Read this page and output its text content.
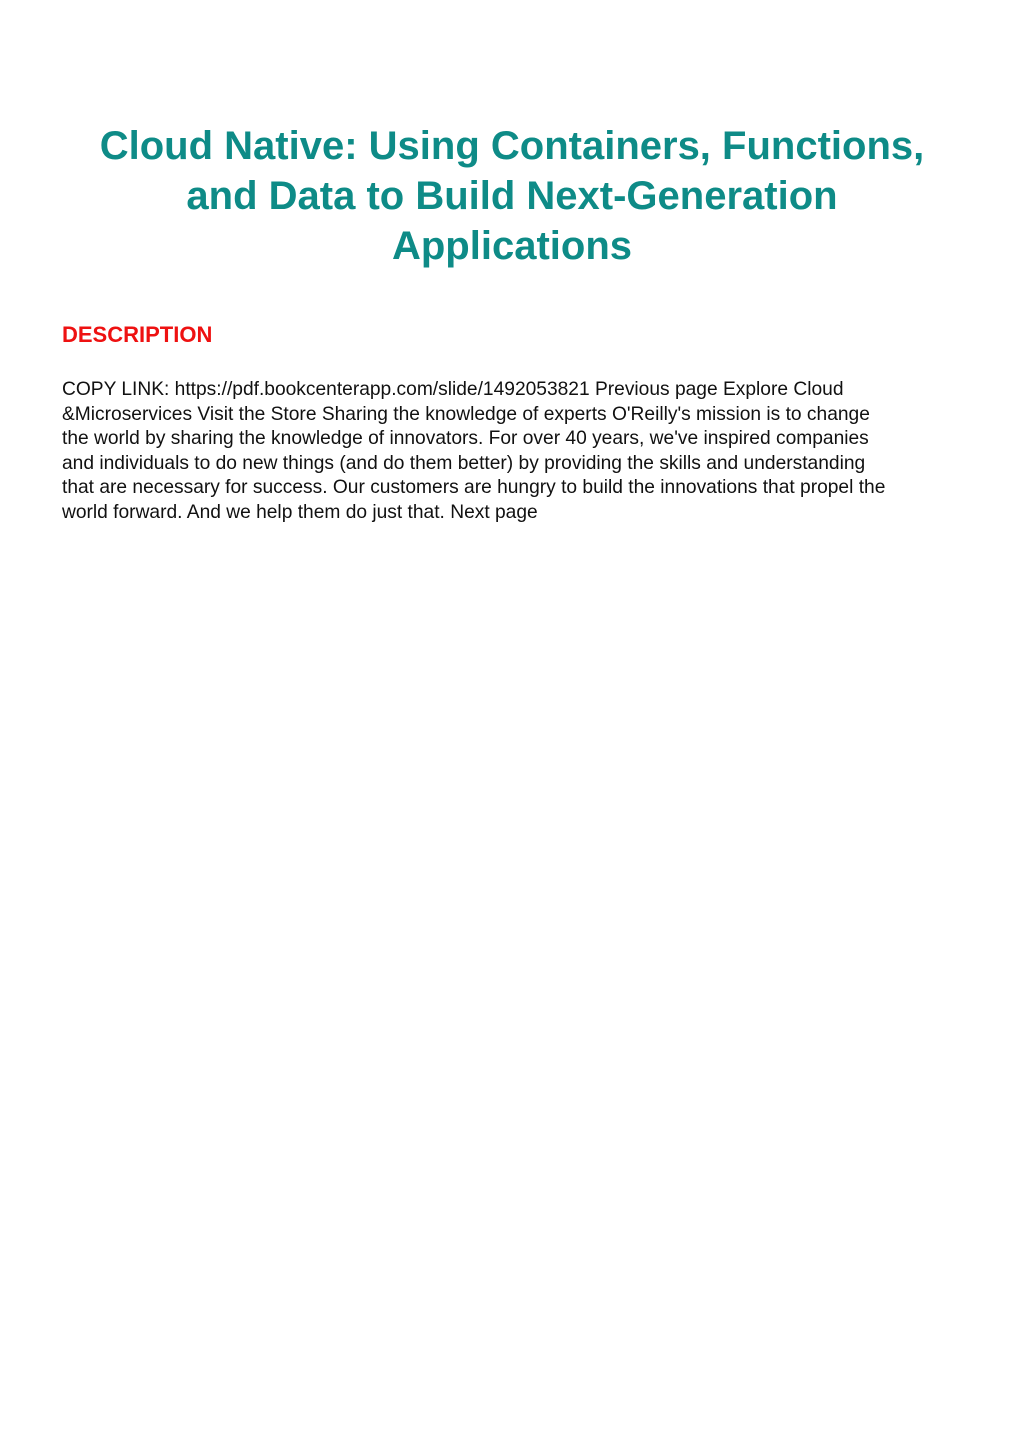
Cloud Native: Using Containers, Functions,
and Data to Build Next-Generation
Applications
DESCRIPTION
COPY LINK: https://pdf.bookcenterapp.com/slide/1492053821 Previous page Explore Cloud
&Microservices Visit the Store Sharing the knowledge of experts O'Reilly's mission is to change
the world by sharing the knowledge of innovators. For over 40 years, we've inspired companies
and individuals to do new things (and do them better) by providing the skills and understanding
that are necessary for success. Our customers are hungry to build the innovations that propel the
world forward. And we help them do just that. Next page
